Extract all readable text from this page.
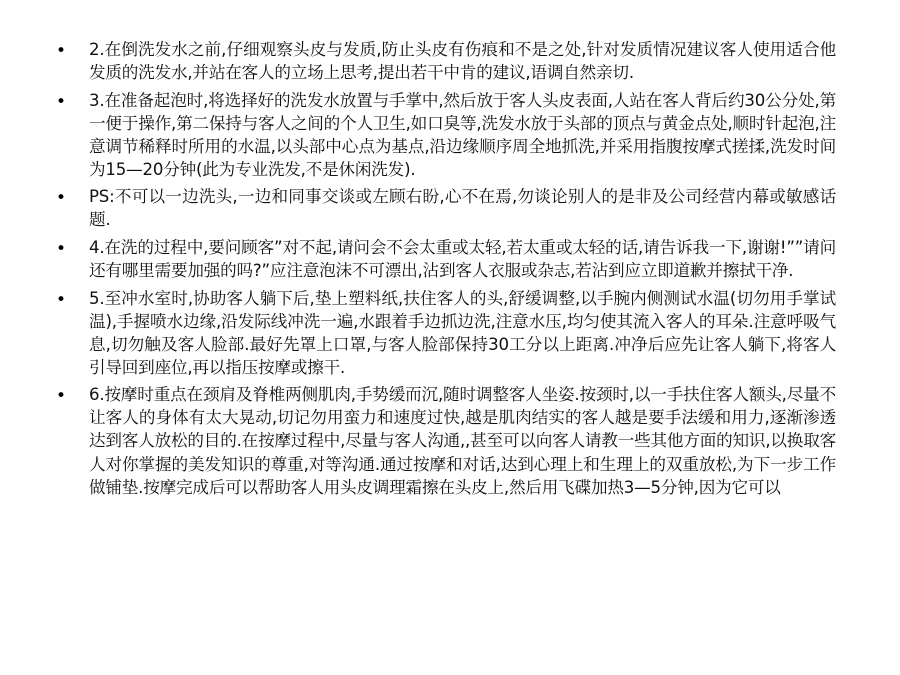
• 2.在倒洗发水之前,仔细观察头皮与发质,防止头皮有伤痕和不是之处,针对发质情况建议客人使用适合他发质的洗发水,并站在客人的立场上思考,提出若干中肯的建议,语调自然亲切.
• 3.在准备起泡时,将选择好的洗发水放置与手掌中,然后放于客人头皮表面,人站在客人背后约30公分处,第一便于操作,第二保持与客人之间的个人卫生,如口臭等,洗发水放于头部的顶点与黄金点处,顺时针起泡,注意调节稀释时所用的水温,以头部中心点为基点,沿边缘顺序周全地抓洗,并采用指腹按摩式搓揉,洗发时间为15—20分钟(此为专业洗发,不是休闲洗发).
• PS:不可以一边洗头,一边和同事交谈或左顾右盼,心不在焉,勿谈论别人的是非及公司经营内幕或敏感话题.
• 4.在洗的过程中,要问顾客”对不起,请问会不会太重或太轻,若太重或太轻的话,请告诉我一下,谢谢!””请问还有哪里需要加强的吗?”应注意泡沫不可漂出,沾到客人衣服或杂志,若沾到应立即道歉并擦拭干净.
• 5.至冲水室时,协助客人躺下后,垫上塑料纸,扶住客人的头,舒缓调整,以手腕内侧测试水温(切勿用手掌试温),手握喷水边缘,沿发际线冲洗一遍,水跟着手边抓边洗,注意水压,均匀使其流入客人的耳朵.注意呼吸气息,切勿触及客人脸部.最好先罩上口罩,与客人脸部保持30工分以上距离.冲净后应先让客人躺下,将客人引导回到座位,再以指压按摩或擦干.
• 6.按摩时重点在颈肩及脊椎两侧肌肉,手势缓而沉,随时调整客人坐姿.按颈时,以一手扶住客人额头,尽量不让客人的身体有太大晃动,切记勿用蛮力和速度过快,越是肌肉结实的客人越是要手法缓和用力,逐渐渗透达到客人放松的目的.在按摩过程中,尽量与客人沟通,,甚至可以向客人请教一些其他方面的知识,以换取客人对你掌握的美发知识的尊重,对等沟通.通过按摩和对话,达到心理上和生理上的双重放松,为下一步工作做铺垫.按摩完成后可以帮助客人用头皮调理霜擦在头皮上,然后用飞碟加热3—5分钟,因为它可以
